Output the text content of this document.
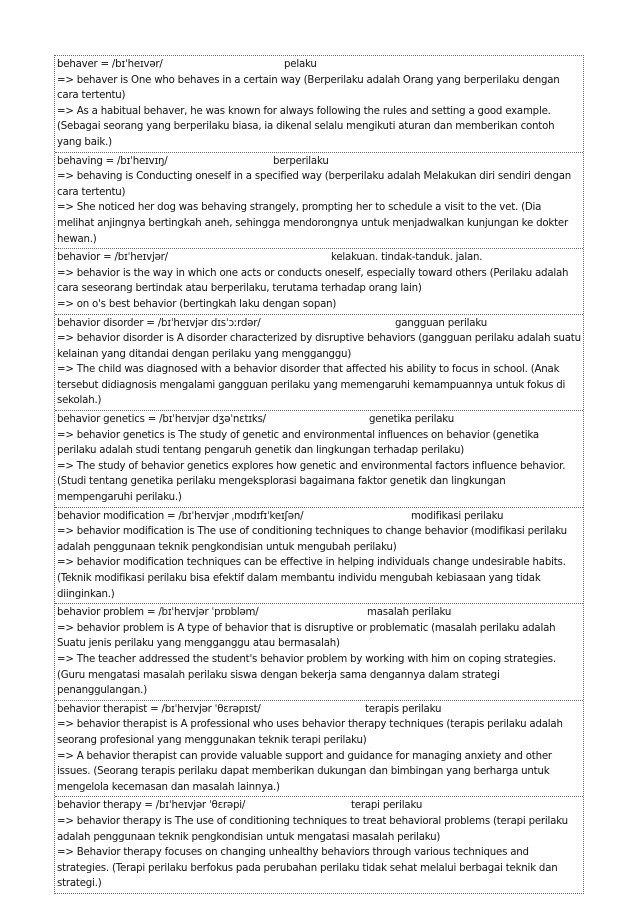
behaver = /bɪˈheɪvər/	pelaku
=> behaver is One who behaves in a certain way (Berperilaku adalah Orang yang berperilaku dengan cara tertentu)
=> As a habitual behaver, he was known for always following the rules and setting a good example. (Sebagai seorang yang berperilaku biasa, ia dikenal selalu mengikuti aturan dan memberikan contoh yang baik.)
behaving = /bɪˈheɪvɪŋ/	berperilaku
=> behaving is Conducting oneself in a specified way (berperilaku adalah Melakukan diri sendiri dengan cara tertentu)
=> She noticed her dog was behaving strangely, prompting her to schedule a visit to the vet. (Dia melihat anjingnya bertingkah aneh, sehingga mendorongnya untuk menjadwalkan kunjungan ke dokter hewan.)
behavior = /bɪˈheɪvjər/	kelakuan. tindak-tanduk. jalan.
=> behavior is the way in which one acts or conducts oneself, especially toward others (Perilaku adalah cara seseorang bertindak atau berperilaku, terutama terhadap orang lain)
=> on o's best behavior (bertingkah laku dengan sopan)
behavior disorder = /bɪˈheɪvjər dɪsˈɔːrdər/	gangguan perilaku
=> behavior disorder is A disorder characterized by disruptive behaviors (gangguan perilaku adalah suatu kelainan yang ditandai dengan perilaku yang mengganggu)
=> The child was diagnosed with a behavior disorder that affected his ability to focus in school. (Anak tersebut didiagnosis mengalami gangguan perilaku yang memengaruhi kemampuannya untuk fokus di sekolah.)
behavior genetics = /bɪˈheɪvjər dʒəˈnɛtɪks/	genetika perilaku
=> behavior genetics is The study of genetic and environmental influences on behavior (genetika perilaku adalah studi tentang pengaruh genetik dan lingkungan terhadap perilaku)
=> The study of behavior genetics explores how genetic and environmental factors influence behavior. (Studi tentang genetika perilaku mengeksplorasi bagaimana faktor genetik dan lingkungan mempengaruhi perilaku.)
behavior modification = /bɪˈheɪvjər ˌmɒdɪfɪˈkeɪʃən/	modifikasi perilaku
=> behavior modification is The use of conditioning techniques to change behavior (modifikasi perilaku adalah penggunaan teknik pengkondisian untuk mengubah perilaku)
=> behavior modification techniques can be effective in helping individuals change undesirable habits. (Teknik modifikasi perilaku bisa efektif dalam membantu individu mengubah kebiasaan yang tidak diinginkan.)
behavior problem = /bɪˈheɪvjər ˈprɒbləm/	masalah perilaku
=> behavior problem is A type of behavior that is disruptive or problematic (masalah perilaku adalah Suatu jenis perilaku yang mengganggu atau bermasalah)
=> The teacher addressed the student's behavior problem by working with him on coping strategies. (Guru mengatasi masalah perilaku siswa dengan bekerja sama dengannya dalam strategi penanggulangan.)
behavior therapist = /bɪˈheɪvjər ˈθɛrəpɪst/	terapis perilaku
=> behavior therapist is A professional who uses behavior therapy techniques (terapis perilaku adalah seorang profesional yang menggunakan teknik terapi perilaku)
=> A behavior therapist can provide valuable support and guidance for managing anxiety and other issues. (Seorang terapis perilaku dapat memberikan dukungan dan bimbingan yang berharga untuk mengelola kecemasan dan masalah lainnya.)
behavior therapy = /bɪˈheɪvjər ˈθɛrəpi/	terapi perilaku
=> behavior therapy is The use of conditioning techniques to treat behavioral problems (terapi perilaku adalah penggunaan teknik pengkondisian untuk mengatasi masalah perilaku)
=> Behavior therapy focuses on changing unhealthy behaviors through various techniques and strategies. (Terapi perilaku berfokus pada perubahan perilaku tidak sehat melalui berbagai teknik dan strategi.)
